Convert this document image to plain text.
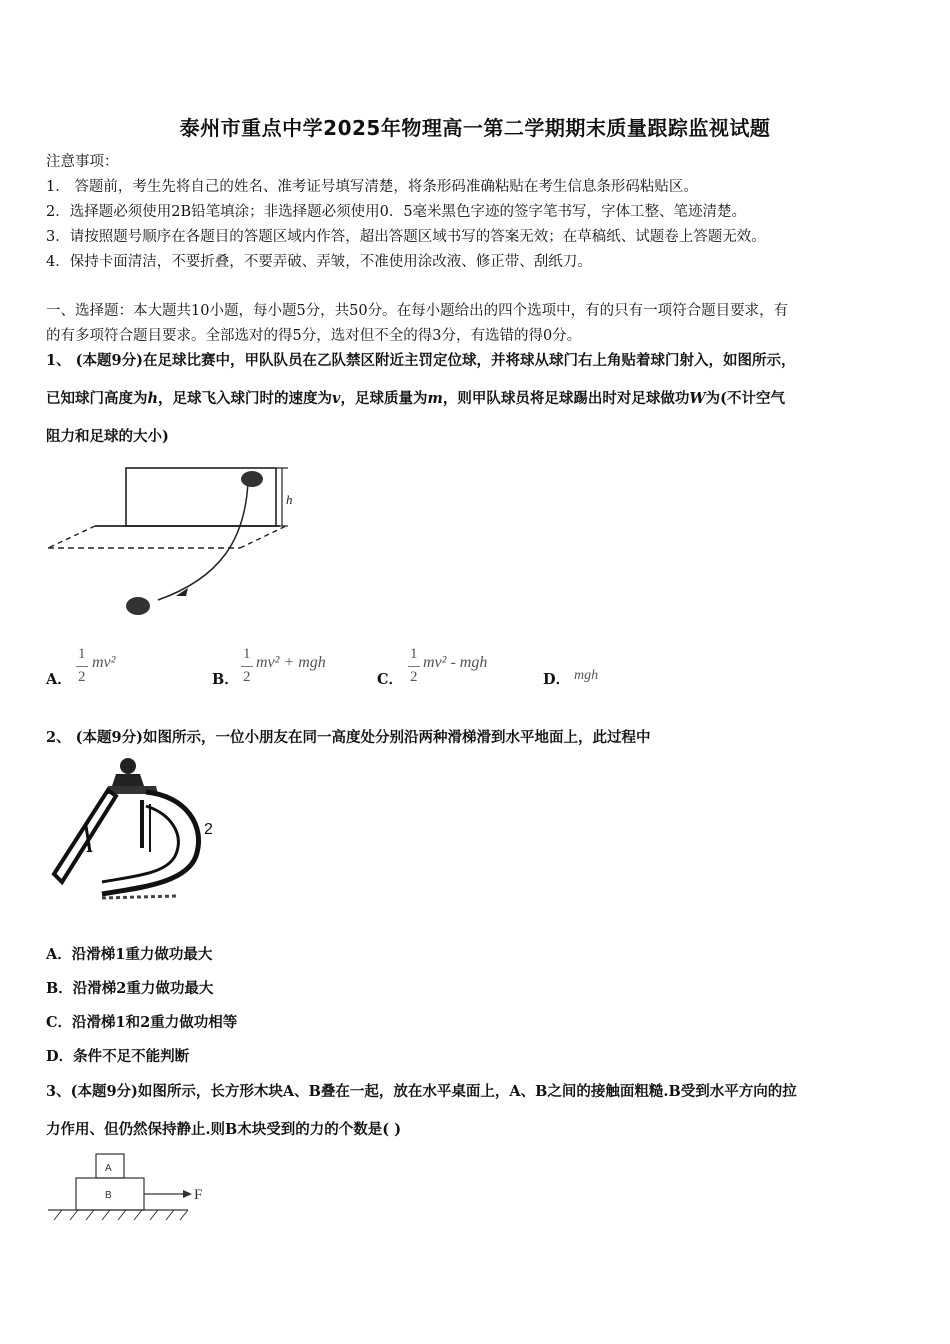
泰州市重点中学2025年物理高一第二学期期末质量跟踪监视试题
注意事项：
1． 答题前，考生先将自己的姓名、准考证号填写清楚，将条形码准确粘贴在考生信息条形码粘贴区。
2．选择题必须使用2B铅笔填涂；非选择题必须使用0．5毫米黑色字迹的签字笔书写，字体工整、笔迹清楚。
3．请按照题号顺序在各题目的答题区域内作答，超出答题区域书写的答案无效；在草稿纸、试题卷上答题无效。
4．保持卡面清洁，不要折叠，不要弄破、弄皱，不准使用涂改液、修正带、刮纸刀。
一、选择题：本大题共10小题，每小题5分，共50分。在每小题给出的四个选项中，有的只有一项符合题目要求，有
的有多项符合题目要求。全部选对的得5分，选对但不全的得3分，有选错的得0分。
1、 (本题9分)在足球比赛中，甲队队员在乙队禁区附近主罚定位球，并将球从球门右上角贴着球门射入，如图所示，
已知球门高度为h，足球飞入球门时的速度为v，足球质量为m，则甲队球员将足球踢出时对足球做功W为(不计空气
阻力和足球的大小)
h
A．
1
2
mv²
B．
1
2
mv² + mgh
C．
1
2
mv² - mgh
D． mgh
2、 (本题9分)如图所示，一位小朋友在同一高度处分别沿两种滑梯滑到水平地面上，此过程中
1
2
A．沿滑梯1重力做功最大
B．沿滑梯2重力做功最大
C．沿滑梯1和2重力做功相等
D．条件不足不能判断
3、(本题9分)如图所示，长方形木块A、B叠在一起，放在水平桌面上，A、B之间的接触面粗糙.B受到水平方向的拉
力作用、但仍然保持静止.则B木块受到的力的个数是( )
A
B	F
